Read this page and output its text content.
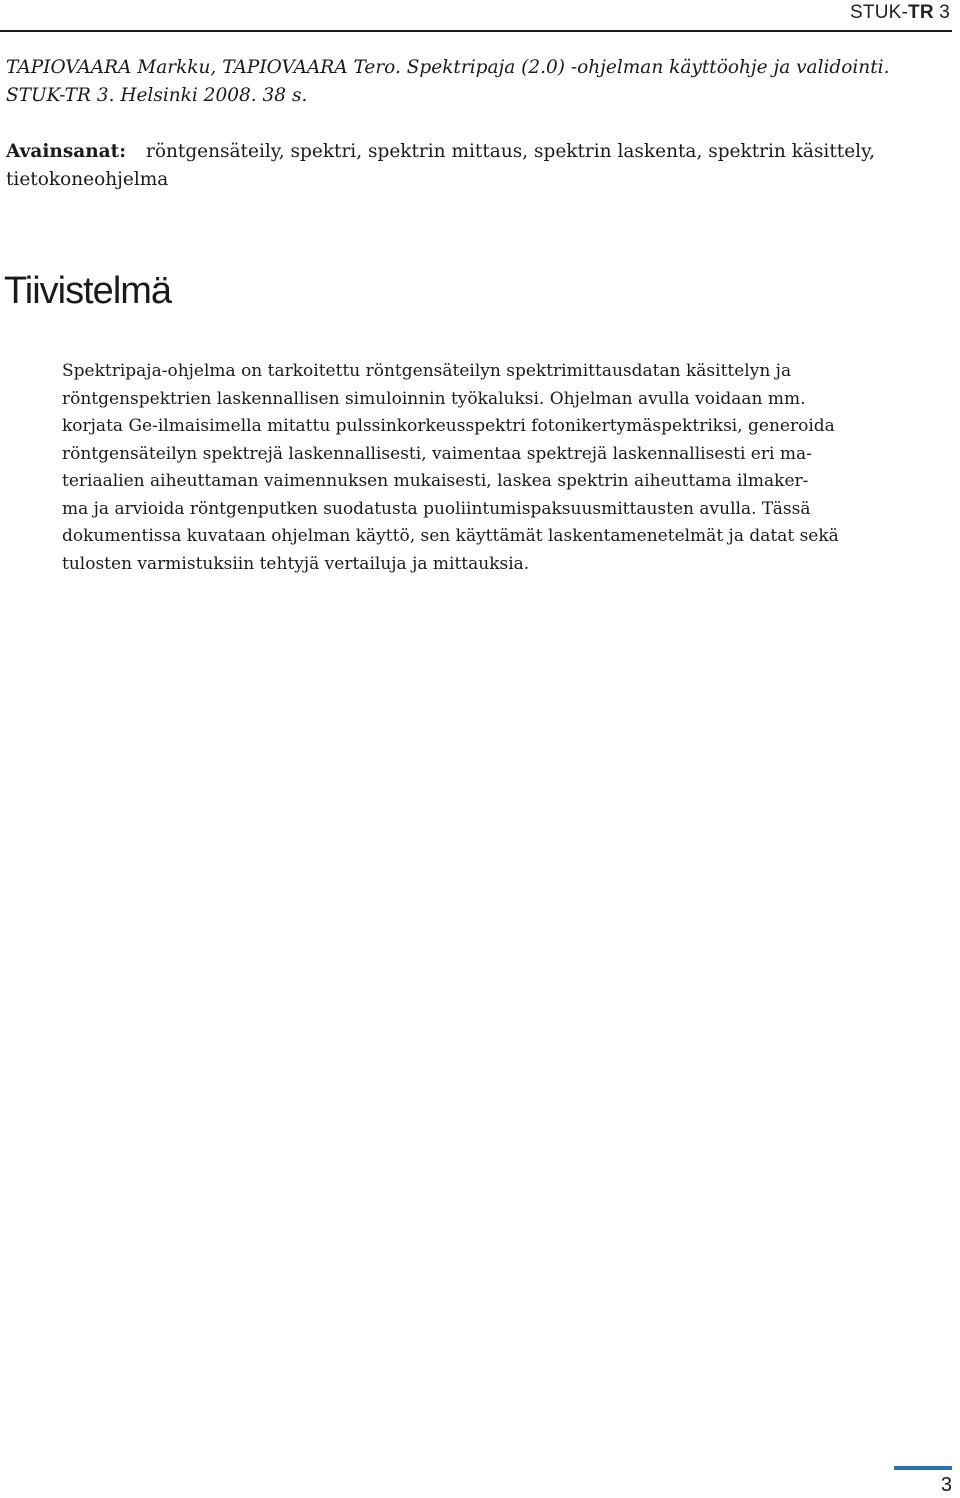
STUK-TR 3
TAPIOVAARA Markku, TAPIOVAARA Tero. Spektripaja (2.0) -ohjelman käyttöohje ja validointi.
STUK-TR 3. Helsinki 2008. 38 s.
Avainsanat: röntgensäteily, spektri, spektrin mittaus, spektrin laskenta, spektrin käsittely,
tietokoneohjelma
Tiivistelmä

Spektripaja-ohjelma on tarkoitettu röntgensäteilyn spektrimittausdatan käsittelyn ja
röntgenspektrien laskennallisen simuloinnin työkaluksi. Ohjelman avulla voidaan mm.
korjata Ge-ilmaisimella mitattu pulssinkorkeusspektri fotonikertymäspektriksi, generoida
röntgensäteilyn spektrejä laskennallisesti, vaimentaa spektrejä laskennallisesti eri ma-
teriaalien aiheuttaman vaimennuksen mukaisesti, laskea spektrin aiheuttama ilmaker-
ma ja arvioida röntgenputken suodatusta puoliintumispaksuusmittausten avulla. Tässä
dokumentissa kuvataan ohjelman käyttö, sen käyttämät laskentamenetelmät ja datat sekä
tulosten varmistuksiin tehtyjä vertailuja ja mittauksia.

3
